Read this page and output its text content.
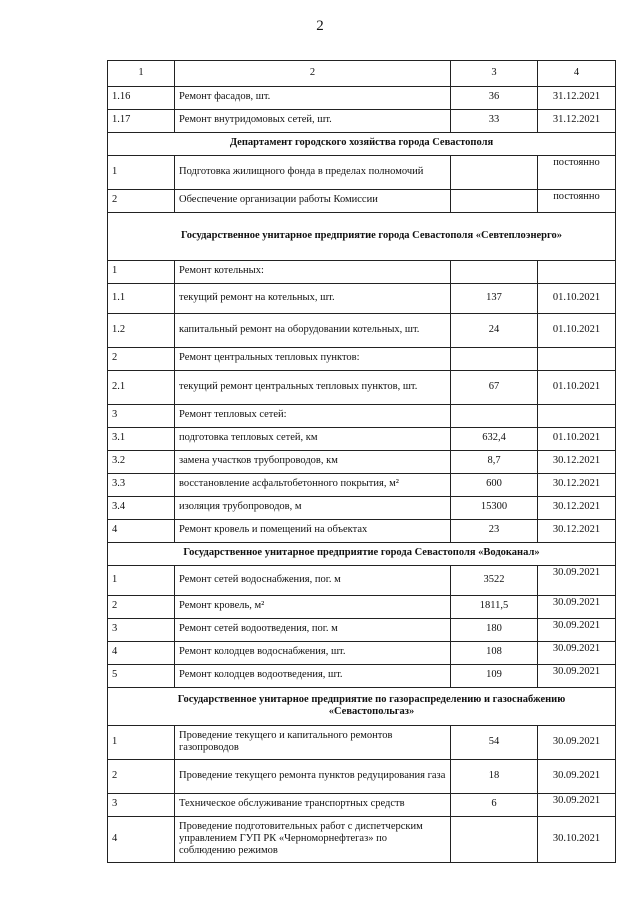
2
1	2	3	4
1.16	Ремонт фасадов, шт.	36	31.12.2021
1.17	Ремонт внутридомовых сетей, шт.	33	31.12.2021
Департамент городского хозяйства города Севастополя			
1	Подготовка жилищного фонда в пределах полномочий		постоянно
2	Обеспечение организации работы Комиссии		постоянно
Государственное унитарное предприятие города Севастополя «Севтеплоэнерго»			
1	Ремонт котельных:		
1.1	текущий ремонт на котельных, шт.	137	01.10.2021
1.2	капитальный ремонт на оборудовании котельных, шт.	24	01.10.2021
2	Ремонт центральных тепловых пунктов:		
2.1	текущий ремонт центральных тепловых пунктов, шт.	67	01.10.2021
3	Ремонт тепловых сетей:		
3.1	подготовка тепловых сетей, км	632,4	01.10.2021
3.2	замена участков трубопроводов, км	8,7	30.12.2021
3.3	восстановление асфальтобетонного покрытия, м²	600	30.12.2021
3.4	изоляция трубопроводов, м	15300	30.12.2021
4	Ремонт кровель и помещений на объектах	23	30.12.2021
Государственное унитарное предприятие города Севастополя «Водоканал»			
1	Ремонт сетей водоснабжения, пог. м	3522	30.09.2021
2	Ремонт кровель, м²	1811,5	30.09.2021
3	Ремонт сетей водоотведения, пог. м	180	30.09.2021
4	Ремонт колодцев водоснабжения, шт.	108	30.09.2021
5	Ремонт колодцев водоотведения, шт.	109	30.09.2021
Государственное унитарное предприятие по газораспределению и газоснабжению «Севастопольгаз»			
1	Проведение текущего и капитального ремонтов газопроводов	54	30.09.2021
2	Проведение текущего ремонта пунктов редуцирования газа	18	30.09.2021
3	Техническое обслуживание транспортных средств	6	30.09.2021
4	Проведение подготовительных работ с диспетчерским управлением ГУП РК «Черноморнефтегаз» по соблюдению режимов		30.10.2021
